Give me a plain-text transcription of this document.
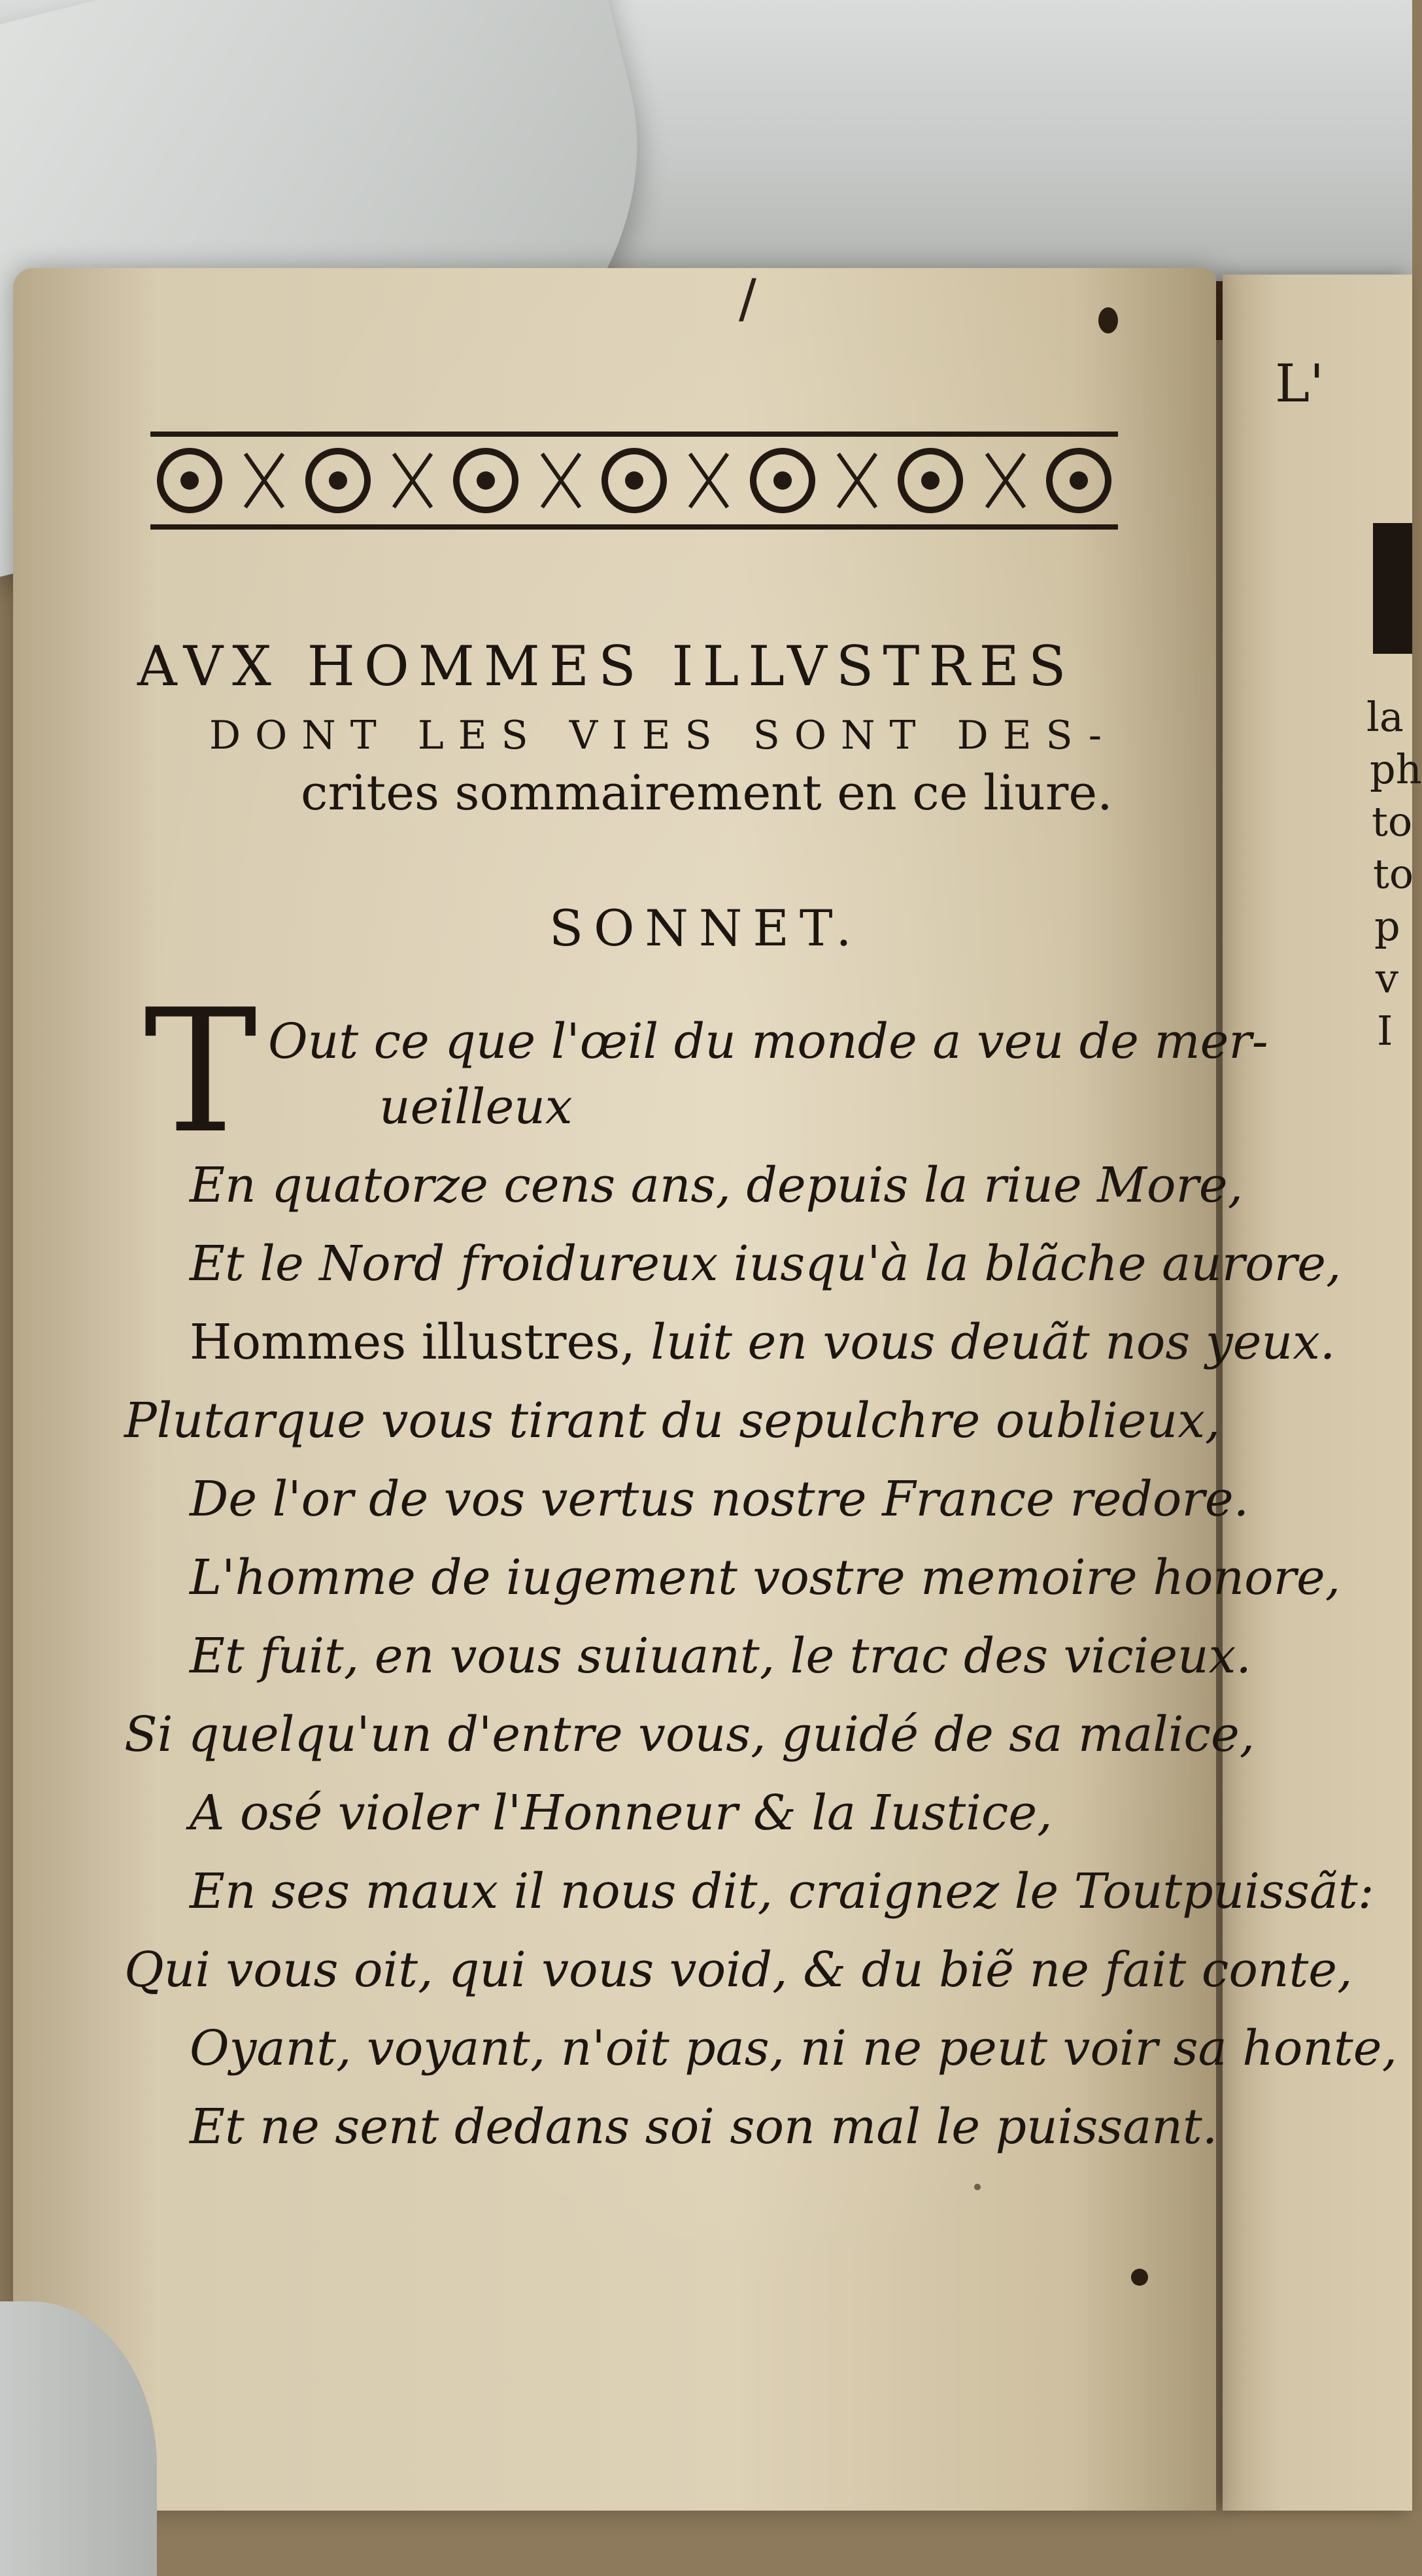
L'
la
ph
to
to
p
v
I
/
AVX HOMMES ILLVSTRES
DONT LES VIES SONT DES-
crites sommairement en ce liure.
SONNET.
T Out ce que l'œil du monde a veu de mer-
ueilleux
En quatorze cens ans, depuis la riue More,
Et le Nord froidureux iusqu'à la blãche aurore,
Hommes illustres, luit en vous deuãt nos yeux.
Plutarque vous tirant du sepulchre oublieux,
De l'or de vos vertus nostre France redore.
L'homme de iugement vostre memoire honore,
Et fuit, en vous suiuant, le trac des vicieux.
Si quelqu'un d'entre vous, guidé de sa malice,
A osé violer l'Honneur & la Iustice,
En ses maux il nous dit, craignez le Toutpuissãt:
Qui vous oit, qui vous void, & du biẽ ne fait conte,
Oyant, voyant, n'oit pas, ni ne peut voir sa honte,
Et ne sent dedans soi son mal le puissant.
